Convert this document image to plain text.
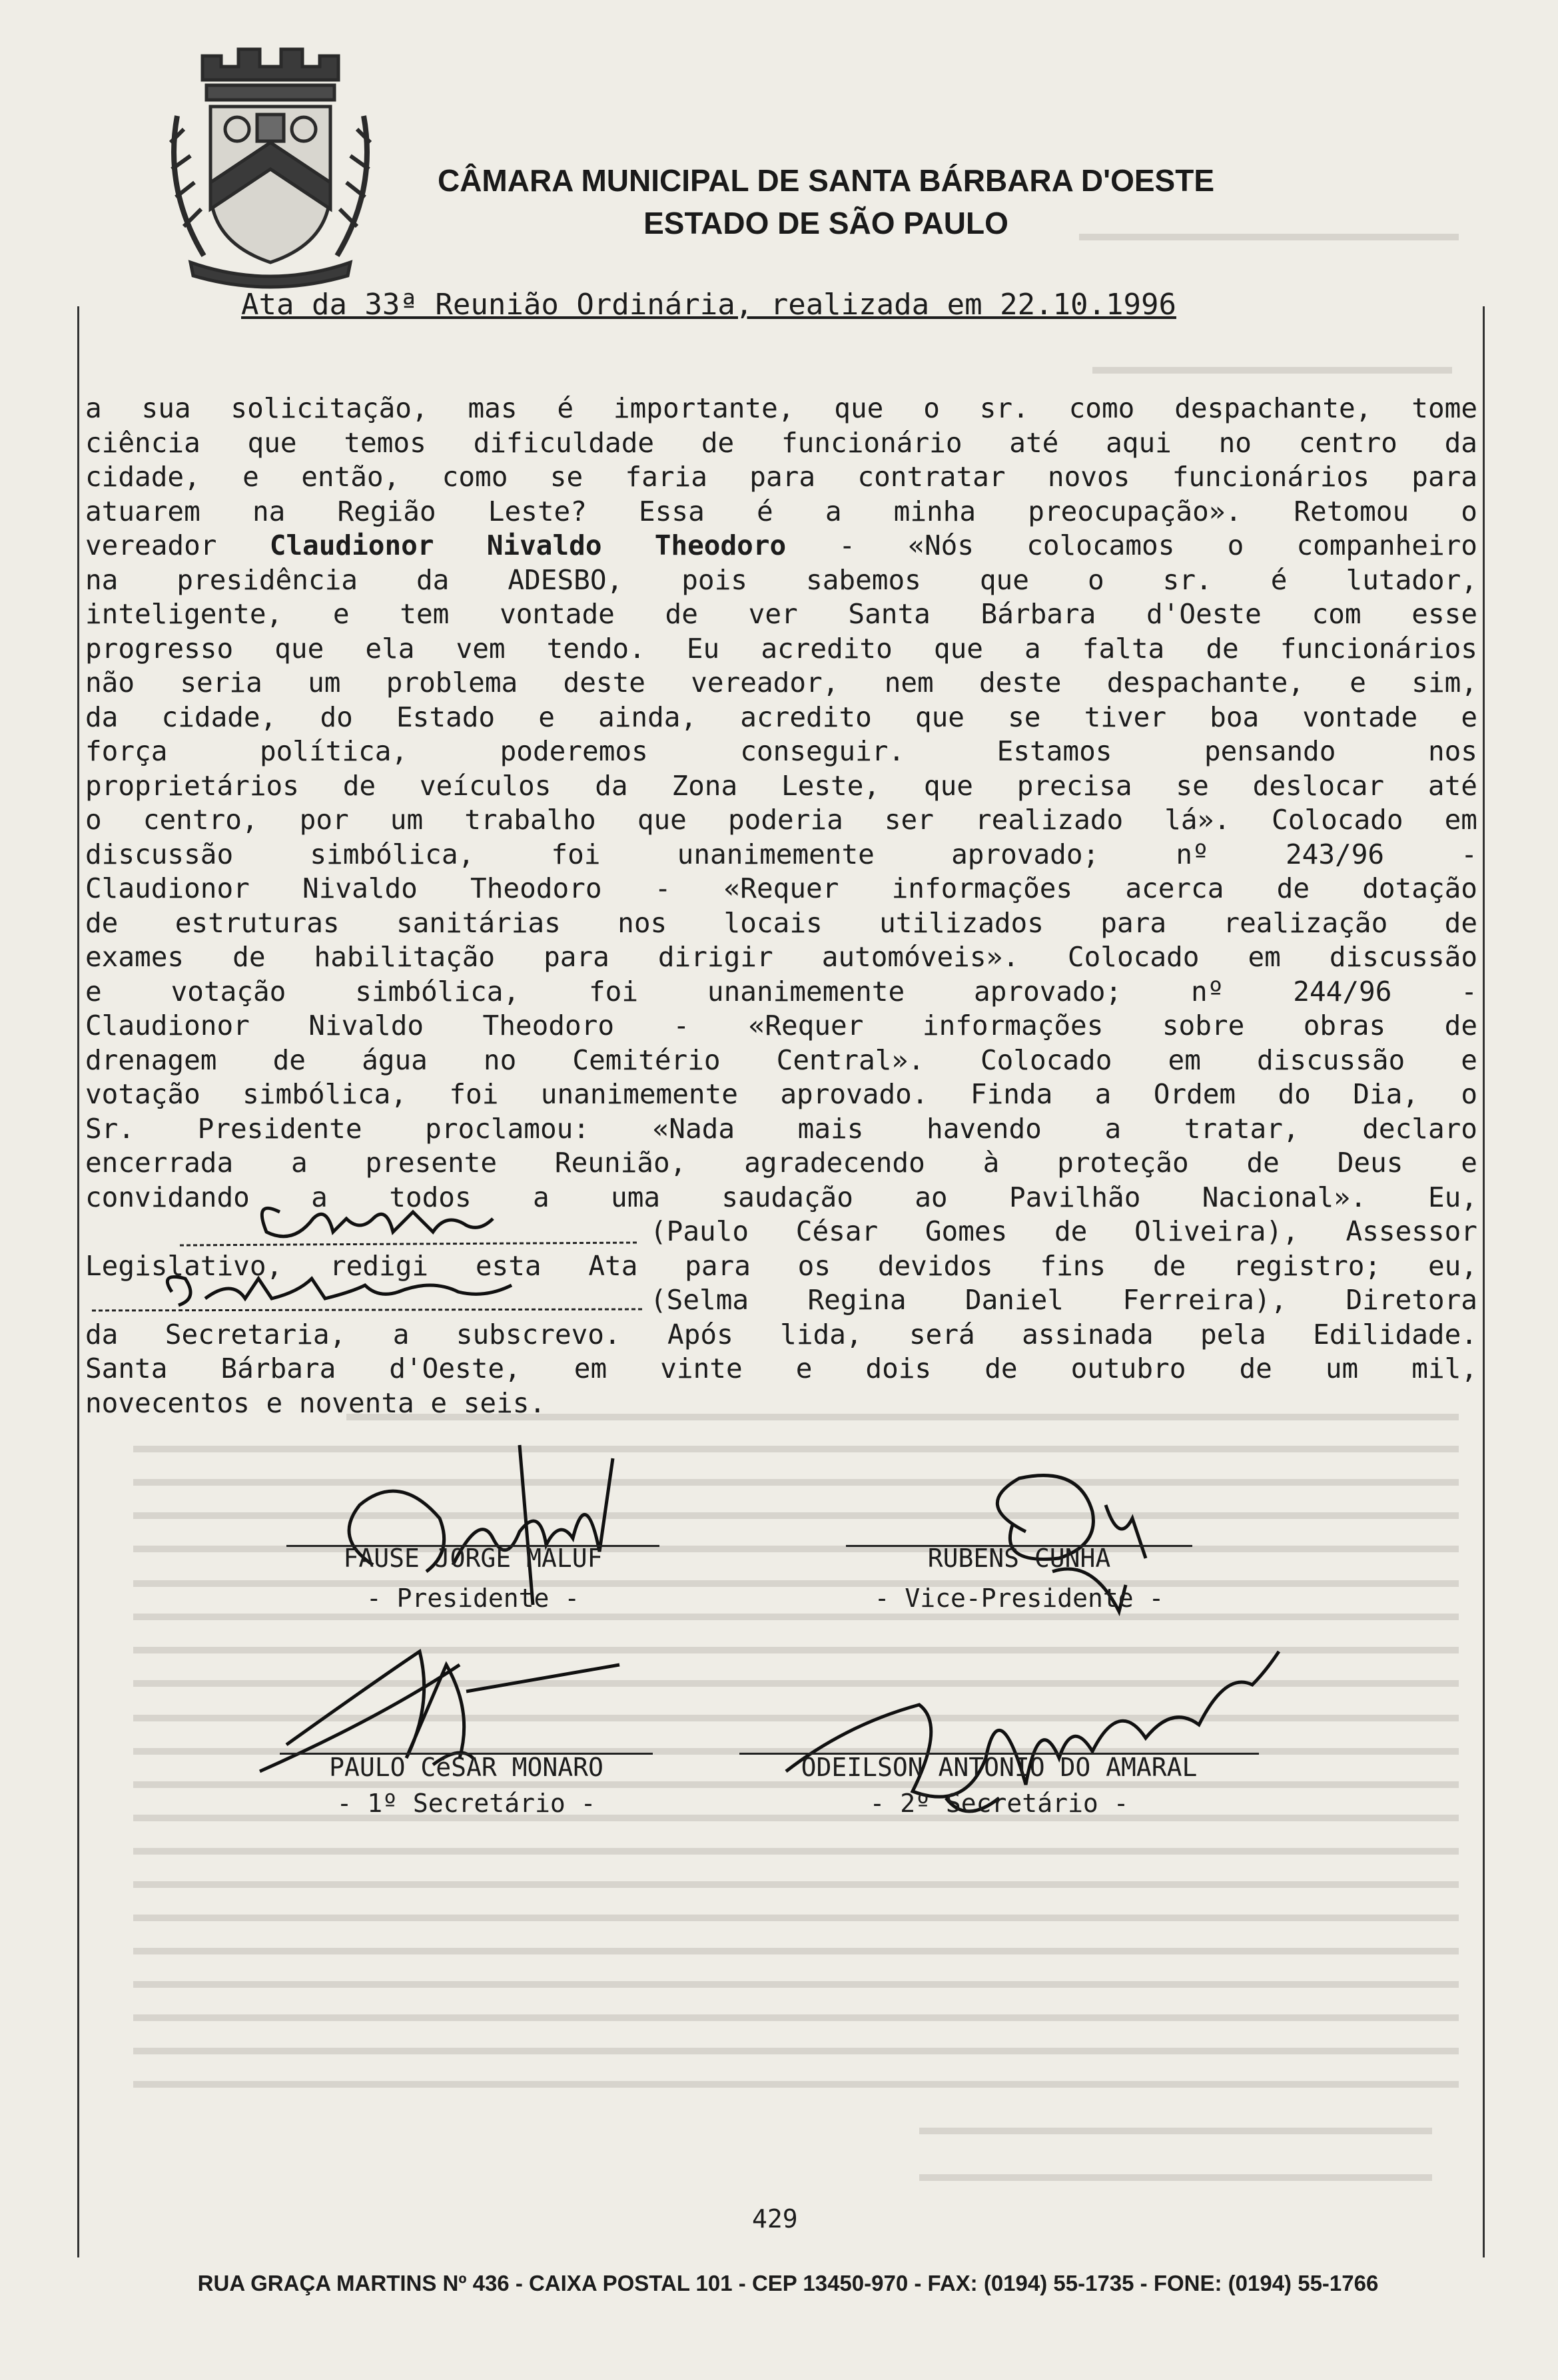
CÂMARA MUNICIPAL DE SANTA BÁRBARA D'OESTE
ESTADO DE SÃO PAULO
Ata da 33ª Reunião Ordinária, realizada em 22.10.1996
a sua solicitação, mas é importante, que o sr. como despachante, tome
ciência que temos dificuldade de funcionário até aqui no centro da
cidade, e então, como se faria para contratar novos funcionários para
atuarem na Região Leste? Essa é a minha preocupação». Retomou o
vereador Claudionor Nivaldo Theodoro - «Nós colocamos o companheiro
na presidência da ADESBO, pois sabemos que o sr. é lutador,
inteligente, e tem vontade de ver Santa Bárbara d'Oeste com esse
progresso que ela vem tendo. Eu acredito que a falta de funcionários
não seria um problema deste vereador, nem deste despachante, e sim,
da cidade, do Estado e ainda, acredito que se tiver boa vontade e
força política, poderemos conseguir. Estamos pensando nos
proprietários de veículos da Zona Leste, que precisa se deslocar até
o centro, por um trabalho que poderia ser realizado lá». Colocado em
discussão simbólica, foi unanimemente aprovado; nº 243/96 -
Claudionor Nivaldo Theodoro - «Requer informações acerca de dotação
de estruturas sanitárias nos locais utilizados para realização de
exames de habilitação para dirigir automóveis». Colocado em discussão
e votação simbólica, foi unanimemente aprovado; nº 244/96 -
Claudionor Nivaldo Theodoro - «Requer informações sobre obras de
drenagem de água no Cemitério Central». Colocado em discussão e
votação simbólica, foi unanimemente aprovado. Finda a Ordem do Dia, o
Sr. Presidente proclamou: «Nada mais havendo a tratar, declaro
encerrada a presente Reunião, agradecendo à proteção de Deus e
convidando a todos a uma saudação ao Pavilhão Nacional». Eu,
(Paulo César Gomes de Oliveira), Assessor
Legislativo, redigi esta Ata para os devidos fins de registro; eu,
(Selma Regina Daniel Ferreira), Diretora
da Secretaria, a subscrevo. Após lida, será assinada pela Edilidade.
Santa Bárbara d'Oeste, em vinte e dois de outubro de um mil,
novecentos e noventa e seis.
FAUSE JORGE MALUF
- Presidente -
RUBENS CUNHA
- Vice-Presidente -
PAULO CéSAR MONARO
- 1º Secretário -
ODEILSON ANTONIO DO AMARAL
- 2º Secretário -
429
RUA GRAÇA MARTINS Nº 436 - CAIXA POSTAL 101 - CEP 13450-970 - FAX: (0194) 55-1735 - FONE: (0194) 55-1766
